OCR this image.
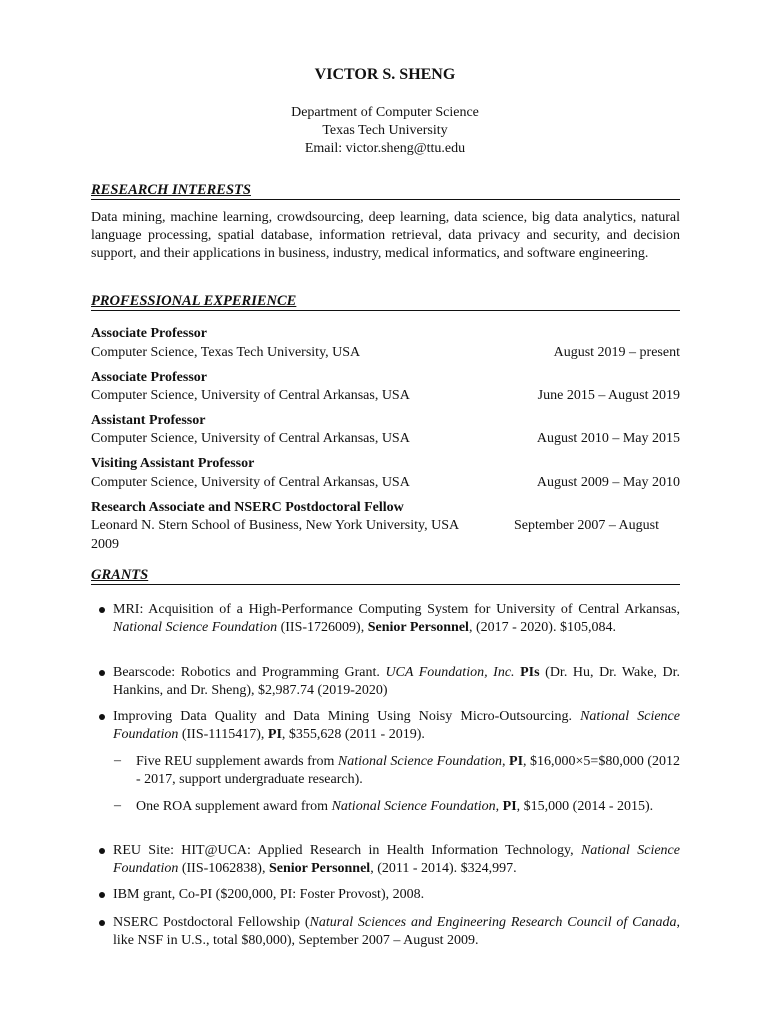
VICTOR S. SHENG
Department of Computer Science
Texas Tech University
Email: victor.sheng@ttu.edu
RESEARCH INTERESTS
Data mining, machine learning, crowdsourcing, deep learning, data science, big data analytics, natural language processing, spatial database, information retrieval, data privacy and security, and decision support, and their applications in business, industry, medical informatics, and software engineering.
PROFESSIONAL EXPERIENCE
Associate Professor
Computer Science, Texas Tech University, USA	August 2019 – present
Associate Professor
Computer Science, University of Central Arkansas, USA	June 2015 – August 2019
Assistant Professor
Computer Science, University of Central Arkansas, USA	August 2010 – May 2015
Visiting Assistant Professor
Computer Science, University of Central Arkansas, USA	August 2009 – May 2010
Research Associate and NSERC Postdoctoral Fellow
Leonard N. Stern School of Business, New York University, USA	September 2007 – August
2009
GRANTS
MRI: Acquisition of a High-Performance Computing System for University of Central Arkansas, National Science Foundation (IIS-1726009), Senior Personnel, (2017 - 2020). $105,084.
Bearscode: Robotics and Programming Grant. UCA Foundation, Inc. PIs (Dr. Hu, Dr. Wake, Dr. Hankins, and Dr. Sheng), $2,987.74 (2019-2020)
Improving Data Quality and Data Mining Using Noisy Micro-Outsourcing. National Science Foundation (IIS-1115417), PI, $355,628 (2011 - 2019).
– Five REU supplement awards from National Science Foundation, PI, $16,000×5=$80,000 (2012 - 2017, support undergraduate research).
– One ROA supplement award from National Science Foundation, PI, $15,000 (2014 - 2015).
REU Site: HIT@UCA: Applied Research in Health Information Technology, National Science Foundation (IIS-1062838), Senior Personnel, (2011 - 2014). $324,997.
IBM grant, Co-PI ($200,000, PI: Foster Provost), 2008.
NSERC Postdoctoral Fellowship (Natural Sciences and Engineering Research Council of Canada, like NSF in U.S., total $80,000), September 2007 – August 2009.
